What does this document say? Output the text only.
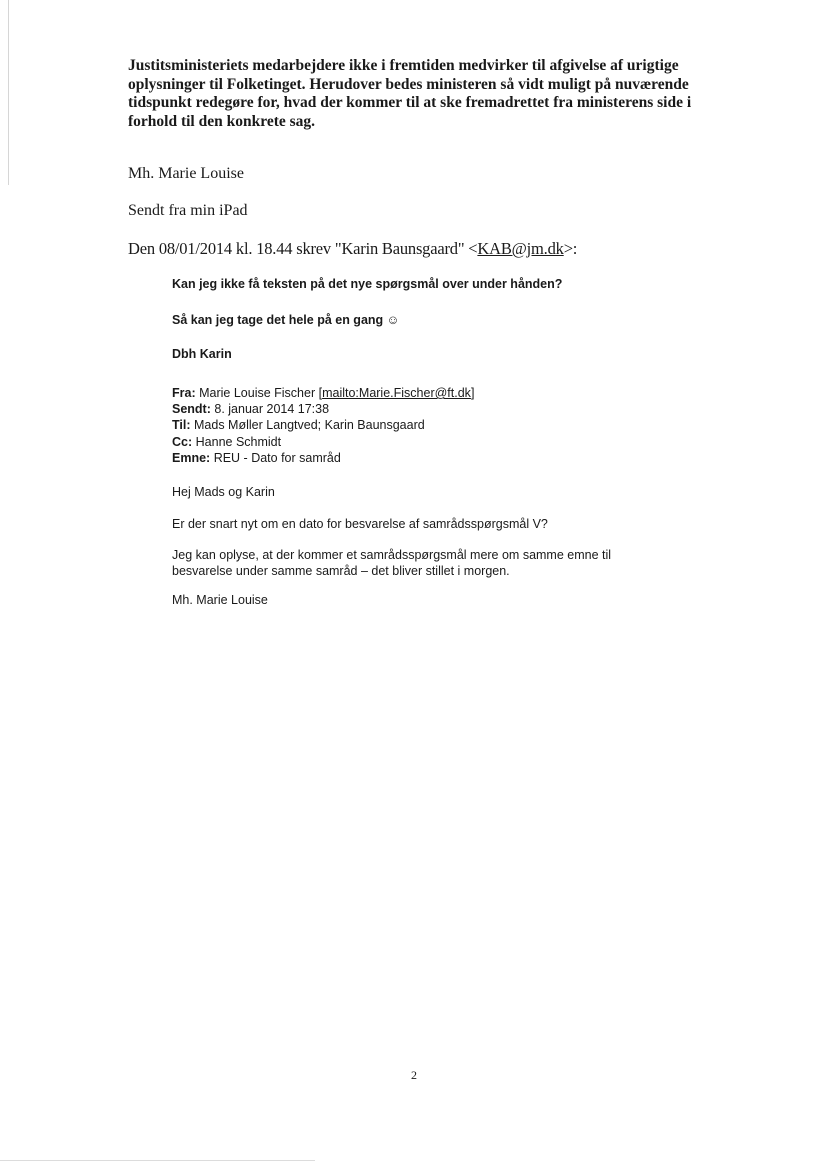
Justitsministeriets medarbejdere ikke i fremtiden medvirker til afgivelse af urigtige oplysninger til Folketinget. Herudover bedes ministeren så vidt muligt på nuværende tidspunkt redegøre for, hvad der kommer til at ske fremadrettet fra ministerens side i forhold til den konkrete sag.

Mh. Marie Louise

Sendt fra min iPad

Den 08/01/2014 kl. 18.44 skrev "Karin Baunsgaard" <KAB@jm.dk>:

Kan jeg ikke få teksten på det nye spørgsmål over under hånden?
Så kan jeg tage det hele på en gang ☺
Dbh Karin
Fra: Marie Louise Fischer [mailto:Marie.Fischer@ft.dk]
Sendt: 8. januar 2014 17:38
Til: Mads Møller Langtved; Karin Baunsgaard
Cc: Hanne Schmidt
Emne: REU - Dato for samråd
Hej Mads og Karin
Er der snart nyt om en dato for besvarelse af samrådsspørgsmål V?
Jeg kan oplyse, at der kommer et samrådsspørgsmål mere om samme emne til besvarelse under samme samråd – det bliver stillet i morgen.
Mh. Marie Louise
2
